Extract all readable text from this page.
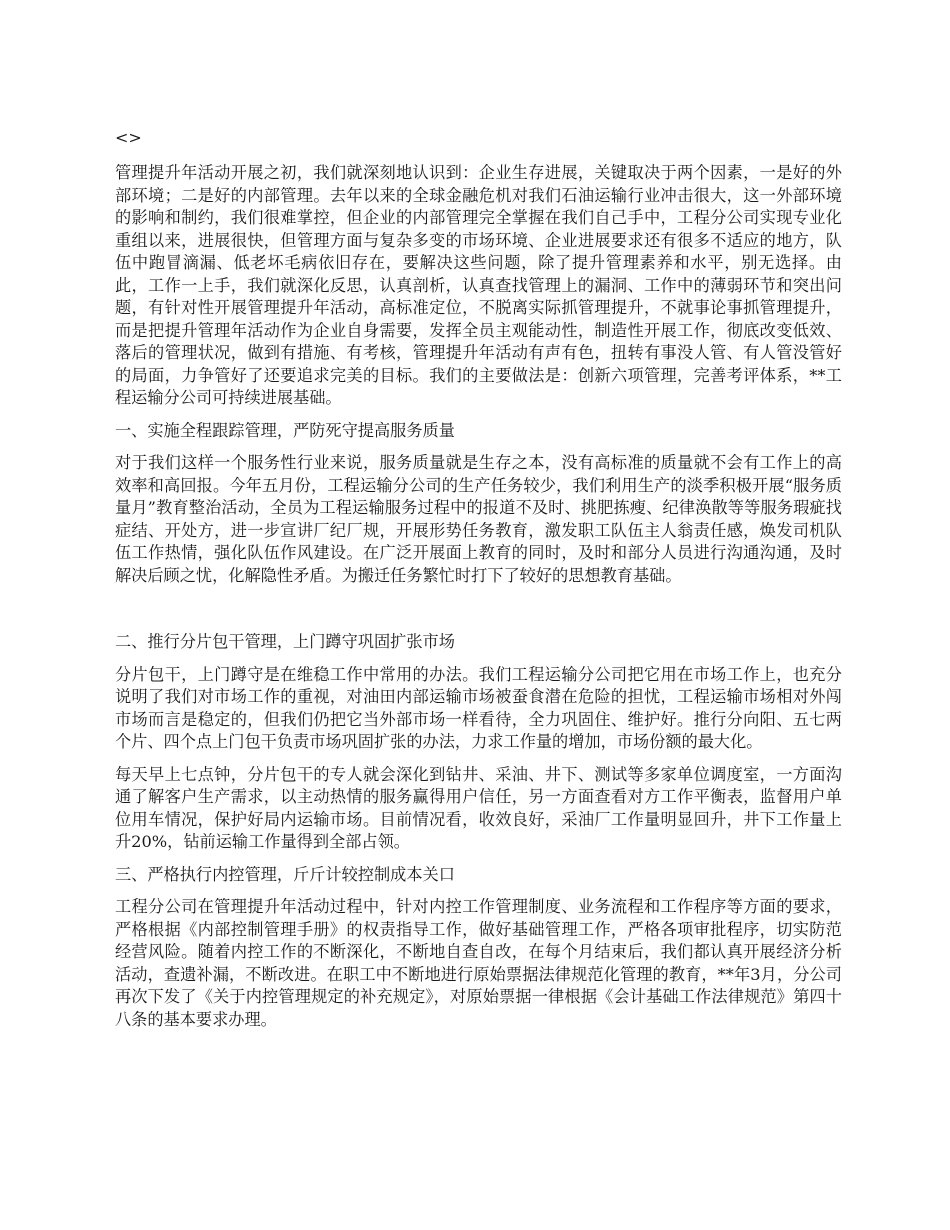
<>

管理提升年活动开展之初，我们就深刻地认识到：企业生存进展，关键取决于两个因素，一是好的外部环境；二是好的内部管理。去年以来的全球金融危机对我们石油运输行业冲击很大，这一外部环境的影响和制约，我们很难掌控，但企业的内部管理完全掌握在我们自己手中，工程分公司实现专业化重组以来，进展很快，但管理方面与复杂多变的市场环境、企业进展要求还有很多不适应的地方，队伍中跑冒滴漏、低老坏毛病依旧存在，要解决这些问题，除了提升管理素养和水平，别无选择。由此，工作一上手，我们就深化反思，认真剖析，认真查找管理上的漏洞、工作中的薄弱环节和突出问题，有针对性开展管理提升年活动，高标准定位，不脱离实际抓管理提升，不就事论事抓管理提升，而是把提升管理年活动作为企业自身需要，发挥全员主观能动性，制造性开展工作，彻底改变低效、落后的管理状况，做到有措施、有考核，管理提升年活动有声有色，扭转有事没人管、有人管没管好的局面，力争管好了还要追求完美的目标。我们的主要做法是：创新六项管理，完善考评体系，**工程运输分公司可持续进展基础。

一、实施全程跟踪管理，严防死守提高服务质量

对于我们这样一个服务性行业来说，服务质量就是生存之本，没有高标准的质量就不会有工作上的高效率和高回报。今年五月份，工程运输分公司的生产任务较少，我们利用生产的淡季积极开展“服务质量月”教育整治活动，全员为工程运输服务过程中的报道不及时、挑肥拣瘦、纪律涣散等等服务瑕疵找症结、开处方，进一步宣讲厂纪厂规，开展形势任务教育，激发职工队伍主人翁责任感，焕发司机队伍工作热情，强化队伍作风建设。在广泛开展面上教育的同时，及时和部分人员进行沟通沟通，及时解决后顾之忧，化解隐性矛盾。为搬迁任务繁忙时打下了较好的思想教育基础。

二、推行分片包干管理，上门蹲守巩固扩张市场

分片包干，上门蹲守是在维稳工作中常用的办法。我们工程运输分公司把它用在市场工作上，也充分说明了我们对市场工作的重视，对油田内部运输市场被蚕食潜在危险的担忧，工程运输市场相对外闯市场而言是稳定的，但我们仍把它当外部市场一样看待，全力巩固住、维护好。推行分向阳、五七两个片、四个点上门包干负责市场巩固扩张的办法，力求工作量的增加，市场份额的最大化。

每天早上七点钟，分片包干的专人就会深化到钻井、采油、井下、测试等多家单位调度室，一方面沟通了解客户生产需求，以主动热情的服务赢得用户信任，另一方面查看对方工作平衡表，监督用户单位用车情况，保护好局内运输市场。目前情况看，收效良好，采油厂工作量明显回升，井下工作量上升20%，钻前运输工作量得到全部占领。

三、严格执行内控管理，斤斤计较控制成本关口

工程分公司在管理提升年活动过程中，针对内控工作管理制度、业务流程和工作程序等方面的要求，严格根据《内部控制管理手册》的权责指导工作，做好基础管理工作，严格各项审批程序，切实防范经营风险。随着内控工作的不断深化，不断地自查自改，在每个月结束后，我们都认真开展经济分析活动，查遗补漏，不断改进。在职工中不断地进行原始票据法律规范化管理的教育，**年3月，分公司再次下发了《关于内控管理规定的补充规定》，对原始票据一律根据《会计基础工作法律规范》第四十八条的基本要求办理。
